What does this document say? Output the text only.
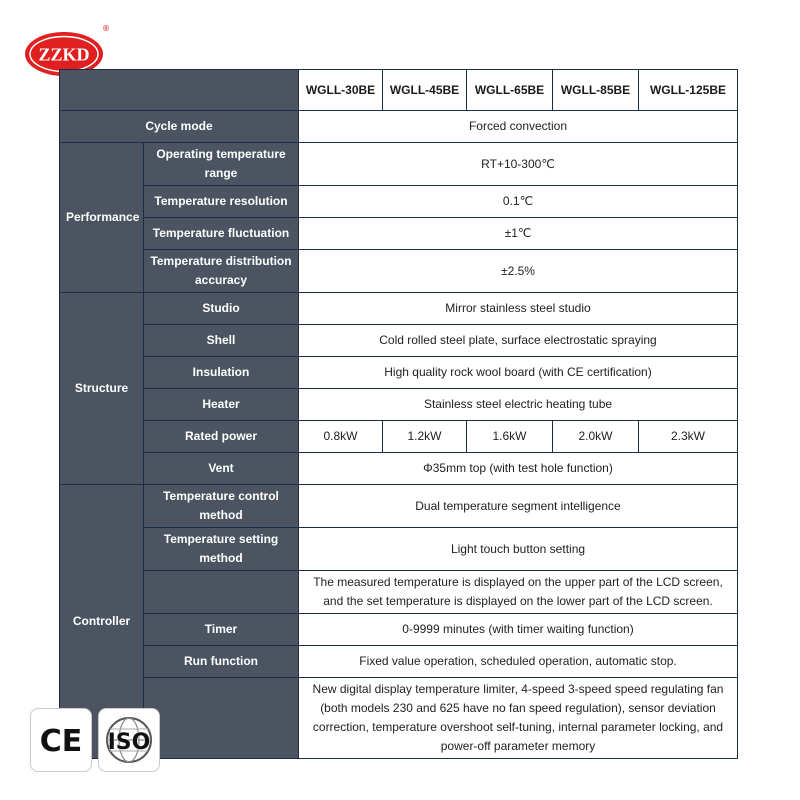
ZZKD
®
		WGLL-30BE	WGLL-45BE	WGLL-65BE	WGLL-85BE	WGLL-125BE
Cycle mode		Forced convection				
Performance	Operating temperature range	RT+10-300℃				
	Temperature resolution	0.1℃				
	Temperature fluctuation	±1℃				
	Temperature distribution accuracy	±2.5%				
Structure	Studio	Mirror stainless steel studio				
	Shell	Cold rolled steel plate, surface electrostatic spraying				
	Insulation	High quality rock wool board (with CE certification)				
	Heater	Stainless steel electric heating tube				
	Rated power	0.8kW	1.2kW	1.6kW	2.0kW	2.3kW
	Vent	Φ35mm top (with test hole function)				
Controller	Temperature control method	Dual temperature segment intelligence				
	Temperature setting method	Light touch button setting				
		The measured temperature is displayed on the upper part of the LCD screen, and the set temperature is displayed on the lower part of the LCD screen.				
	Timer	0-9999 minutes (with timer waiting function)				
	Run function	Fixed value operation, scheduled operation, automatic stop.				
		New digital display temperature limiter, 4-speed 3-speed speed regulating fan (both models 230 and 625 have no fan speed regulation), sensor deviation correction, temperature overshoot self-tuning, internal parameter locking, and power-off parameter memory				
CE ISO
